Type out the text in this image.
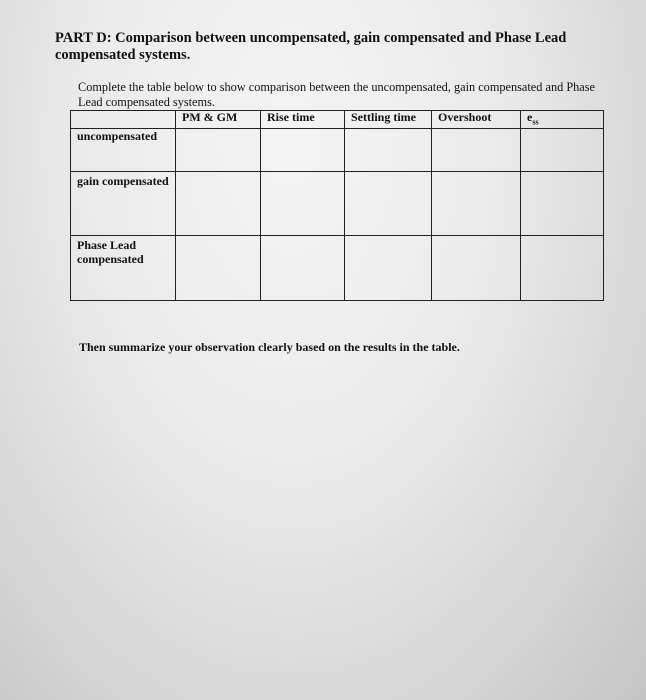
PART D: Comparison between uncompensated, gain compensated and Phase Lead compensated systems.
Complete the table below to show comparison between the uncompensated, gain compensated and Phase Lead compensated systems.
	PM & GM	Rise time	Settling time	Overshoot	$e_{ss}$
uncompensated					
gain compensated					
Phase Lead compensated					
Then summarize your observation clearly based on the results in the table.
